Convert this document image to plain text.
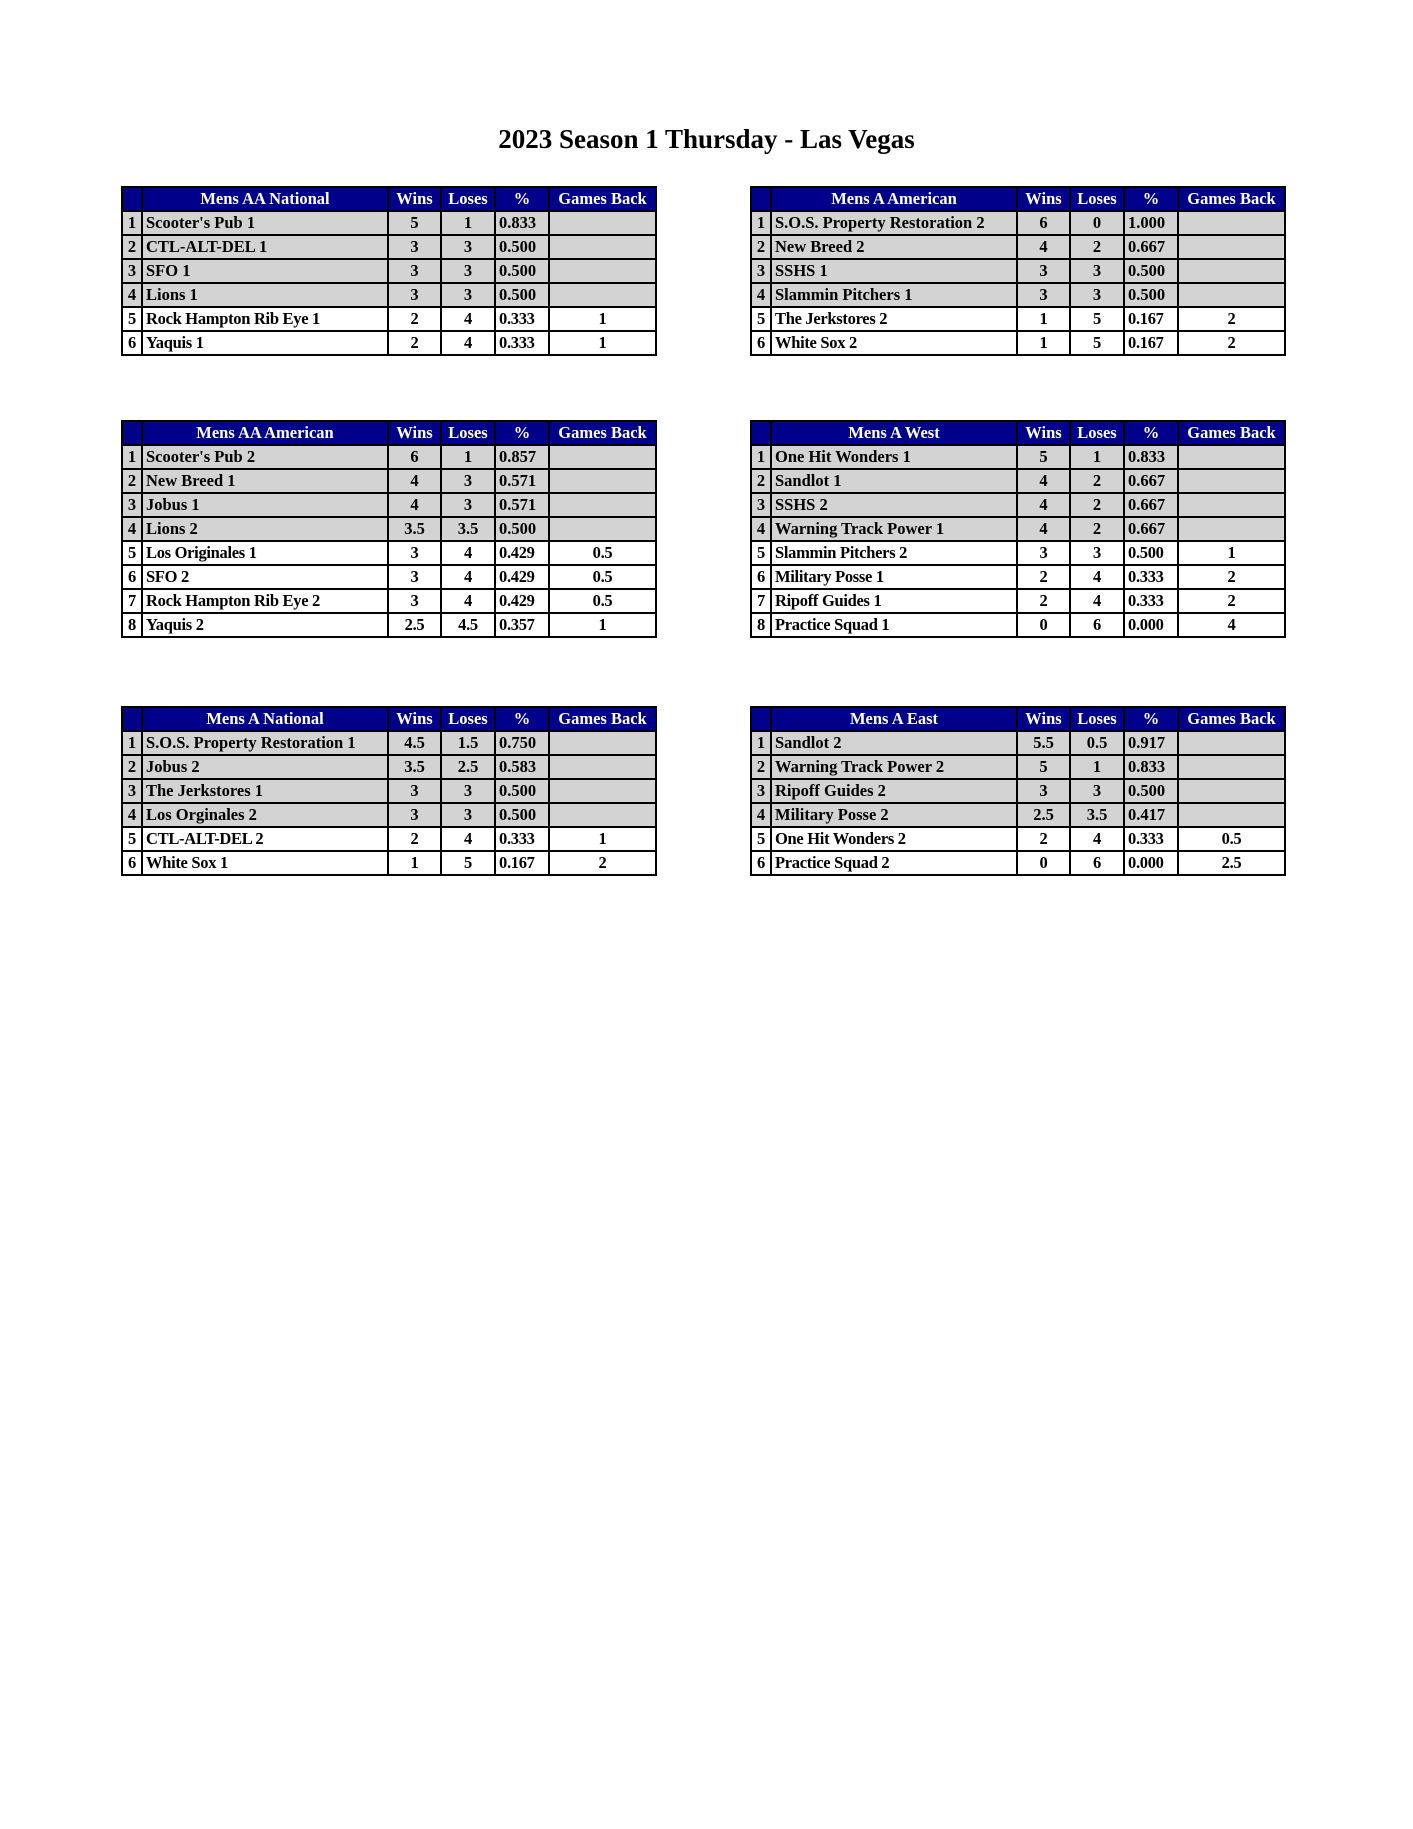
2023 Season 1 Thursday - Las Vegas
	Mens AA National	Wins	Loses	%	Games Back
1	Scooter's Pub 1	5	1	0.833	
2	CTL-ALT-DEL 1	3	3	0.500	
3	SFO 1	3	3	0.500	
4	Lions 1	3	3	0.500	
5	Rock Hampton Rib Eye 1	2	4	0.333	1
6	Yaquis 1	2	4	0.333	1
	Mens A American	Wins	Loses	%	Games Back
1	S.O.S. Property Restoration 2	6	0	1.000	
2	New Breed 2	4	2	0.667	
3	SSHS 1	3	3	0.500	
4	Slammin Pitchers 1	3	3	0.500	
5	The Jerkstores 2	1	5	0.167	2
6	White Sox 2	1	5	0.167	2
	Mens AA American	Wins	Loses	%	Games Back
1	Scooter's Pub 2	6	1	0.857	
2	New Breed 1	4	3	0.571	
3	Jobus 1	4	3	0.571	
4	Lions 2	3.5	3.5	0.500	
5	Los Originales 1	3	4	0.429	0.5
6	SFO 2	3	4	0.429	0.5
7	Rock Hampton Rib Eye 2	3	4	0.429	0.5
8	Yaquis 2	2.5	4.5	0.357	1
	Mens A West	Wins	Loses	%	Games Back
1	One Hit Wonders 1	5	1	0.833	
2	Sandlot 1	4	2	0.667	
3	SSHS 2	4	2	0.667	
4	Warning Track Power 1	4	2	0.667	
5	Slammin Pitchers 2	3	3	0.500	1
6	Military Posse 1	2	4	0.333	2
7	Ripoff Guides 1	2	4	0.333	2
8	Practice Squad 1	0	6	0.000	4
	Mens A National	Wins	Loses	%	Games Back
1	S.O.S. Property Restoration 1	4.5	1.5	0.750	
2	Jobus 2	3.5	2.5	0.583	
3	The Jerkstores 1	3	3	0.500	
4	Los Orginales 2	3	3	0.500	
5	CTL-ALT-DEL 2	2	4	0.333	1
6	White Sox 1	1	5	0.167	2
	Mens A East	Wins	Loses	%	Games Back
1	Sandlot 2	5.5	0.5	0.917	
2	Warning Track Power 2	5	1	0.833	
3	Ripoff Guides 2	3	3	0.500	
4	Military Posse 2	2.5	3.5	0.417	
5	One Hit Wonders 2	2	4	0.333	0.5
6	Practice Squad 2	0	6	0.000	2.5
